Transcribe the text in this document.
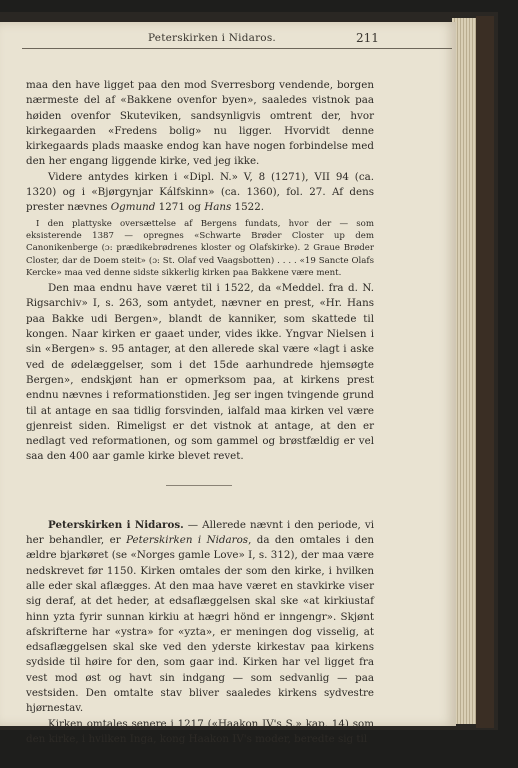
Peterskirken i Nidaros.	211

maa den have ligget paa den mod Sverresborg vendende, borgen nærmeste del af «Bakkene ovenfor byen», saaledes vistnok paa høiden ovenfor Skuteviken, sandsynligvis omtrent der, hvor kirkegaarden «Fredens bolig» nu ligger. Hvorvidt denne kirkegaards plads maaske endog kan have nogen forbindelse med den her engang liggende kirke, ved jeg ikke.

Videre antydes kirken i «Dipl. N.» V, 8 (1271), VII 94 (ca. 1320) og i «Bjørgynjar Kálfskinn» (ca. 1360), fol. 27. Af dens prester nævnes Ogmund 1271 og Hans 1522.

I den plattyske oversættelse af Bergens fundats, hvor der — som eksisterende 1387 — opregnes «Schwarte Brøder Closter up dem Canonikenberge (ɔ: prædikebrødrenes kloster og Olafskirke). 2 Graue Brøder Closter, dar de Doem steit» (ɔ: St. Olaf ved Vaagsbotten) . . . . «19 Sancte Olafs Kercke» maa ved denne sidste sikkerlig kirken paa Bakkene være ment.

Den maa endnu have været til i 1522, da «Meddel. fra d. N. Rigsarchiv» I, s. 263, som antydet, nævner en prest, «Hr. Hans paa Bakke udi Bergen», blandt de kanniker, som skattede til kongen. Naar kirken er gaaet under, vides ikke. Yngvar Nielsen i sin «Bergen» s. 95 antager, at den allerede skal være «lagt i aske ved de ødelæggelser, som i det 15de aarhundrede hjemsøgte Bergen», endskjønt han er opmerksom paa, at kirkens prest endnu nævnes i reformationstiden. Jeg ser ingen tvingende grund til at antage en saa tidlig forsvinden, ialfald maa kirken vel være gjenreist siden. Rimeligst er det vistnok at antage, at den er nedlagt ved reformationen, og som gammel og brøstfældig er vel saa den 400 aar gamle kirke blevet revet.

Peterskirken i Nidaros. — Allerede nævnt i den periode, vi her behandler, er Peterskirken i Nidaros, da den omtales i den ældre bjarkøret (se «Norges gamle Love» I, s. 312), der maa være nedskrevet før 1150. Kirken omtales der som den kirke, i hvilken alle eder skal aflægges. At den maa have været en stavkirke viser sig deraf, at det heder, at edsaflæggelsen skal ske «at kirkiustaf hinn yzta fyrir sunnan kirkiu at hægri hönd er inngengr». Skjønt afskrifterne har «ystra» for «yzta», er meningen dog visselig, at edsaflæggelsen skal ske ved den yderste kirkestav paa kirkens sydside til høire for den, som gaar ind. Kirken har vel ligget fra vest mod øst og havt sin indgang — som sedvanlig — paa vestsiden. Den omtalte stav bliver saaledes kirkens sydvestre hjørnestav.

Kirken omtales senere i 1217 («Haakon IV's S.» kap. 14) som den kirke, i hvilken Inga, kong Haakon IV's moder, beredte sig til
